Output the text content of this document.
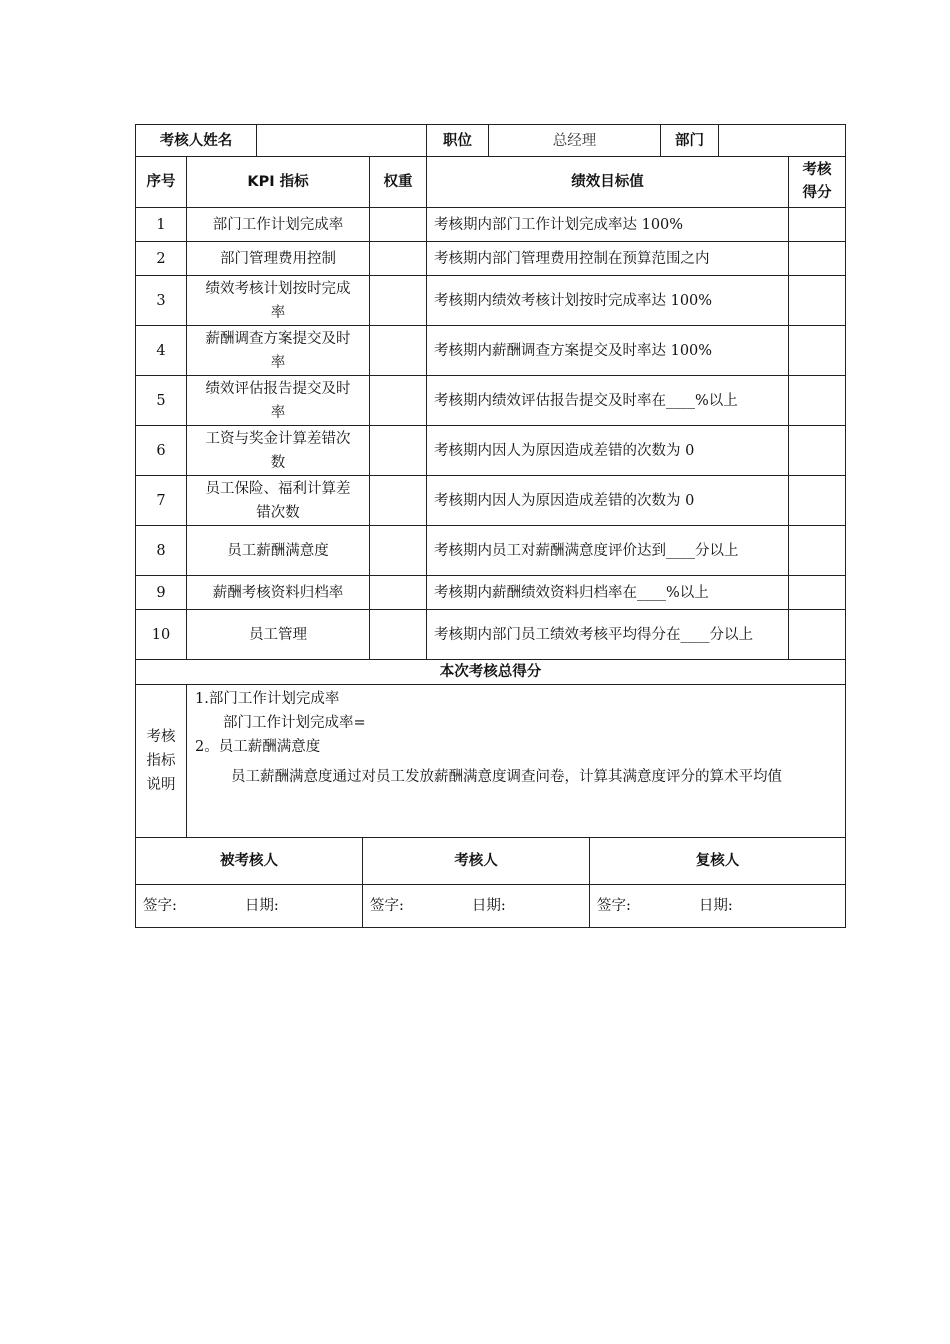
考核人姓名				职位	总经理	部门		
序号	KPI 指标		权重	绩效目标值				考核得分
1	部门工作计划完成率			考核期内部门工作计划完成率达 100%				
2	部门管理费用控制			考核期内部门管理费用控制在预算范围之内				
3	绩效考核计划按时完成率			考核期内绩效考核计划按时完成率达 100%				
4	薪酬调查方案提交及时率			考核期内薪酬调查方案提交及时率达 100%				
5	绩效评估报告提交及时率			考核期内绩效评估报告提交及时率在____%以上				
6	工资与奖金计算差错次数			考核期内因人为原因造成差错的次数为 0				
7	员工保险、福利计算差错次数			考核期内因人为原因造成差错的次数为 0				
8	员工薪酬满意度			考核期内员工对薪酬满意度评价达到____分以上				
9	薪酬考核资料归档率			考核期内薪酬绩效资料归档率在____%以上				
10	员工管理			考核期内部门员工绩效考核平均得分在____分以上				
本次考核总得分								
考核指标说明	1.部门工作计划完成率

部门工作计划完成率=

2。员工薪酬满意度

员工薪酬满意度通过对员工发放薪酬满意度调查问卷，计算其满意度评分的算术平均值							

被考核人	考核人	复核人
签字: 日期:	签字: 日期:	签字: 日期:
